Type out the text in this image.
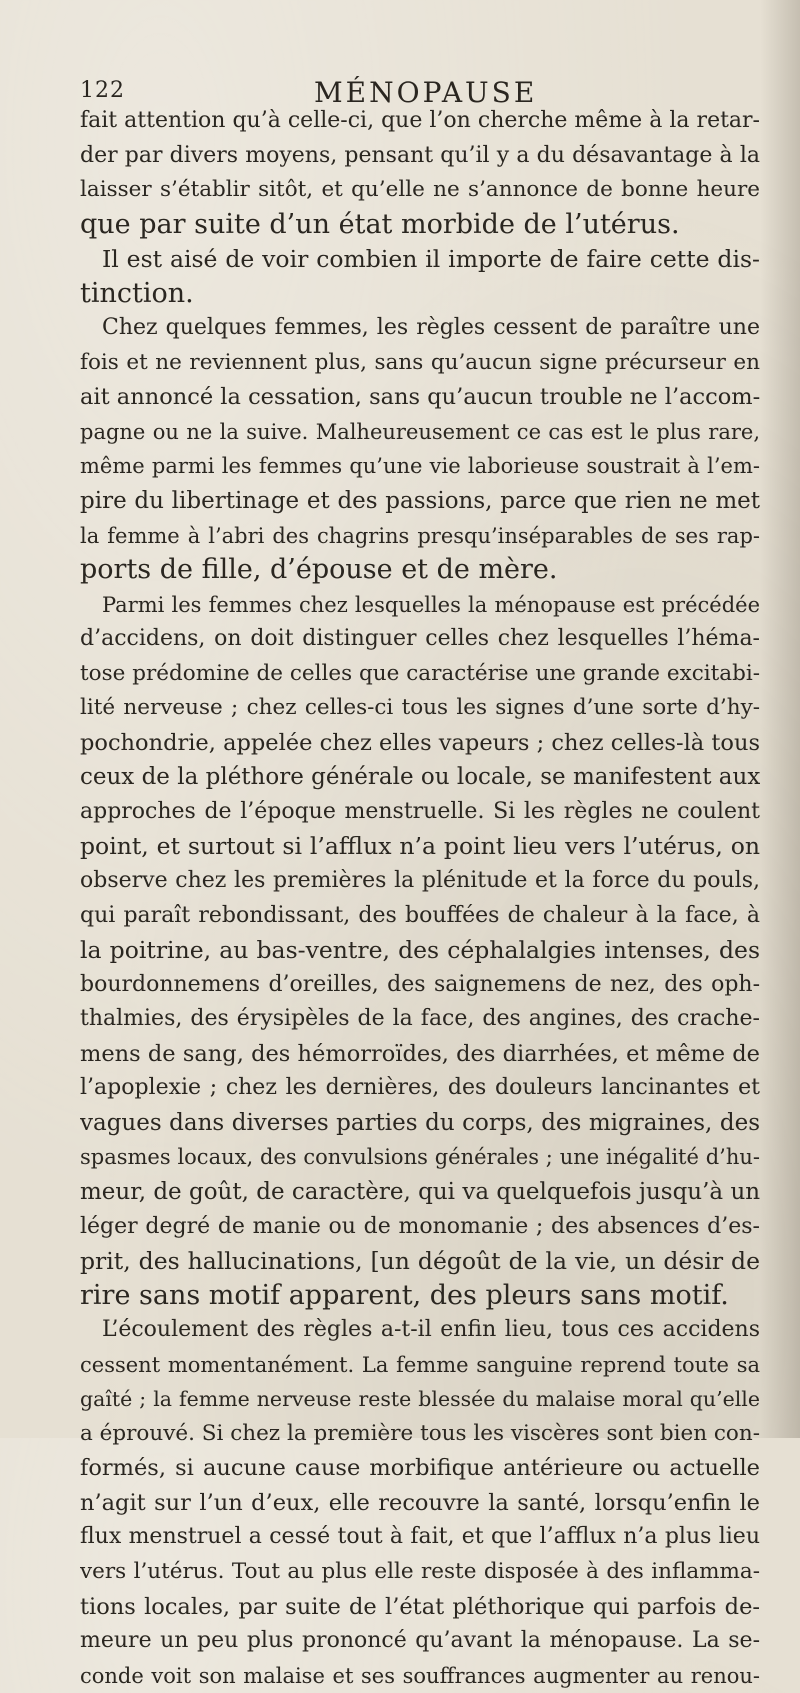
122	MÉNOPAUSE
fait attention qu’à celle-ci, que l’on cherche même à la retar-
der par divers moyens, pensant qu’il y a du désavantage à la
laisser s’établir sitôt, et qu’elle ne s’annonce de bonne heure
que par suite d’un état morbide de l’utérus.
Il est aisé de voir combien il importe de faire cette dis-
tinction.
Chez quelques femmes, les règles cessent de paraître une
fois et ne reviennent plus, sans qu’aucun signe précurseur en
ait annoncé la cessation, sans qu’aucun trouble ne l’accom-
pagne ou ne la suive. Malheureusement ce cas est le plus rare,
même parmi les femmes qu’une vie laborieuse soustrait à l’em-
pire du libertinage et des passions, parce que rien ne met
la femme à l’abri des chagrins presqu’inséparables de ses rap-
ports de fille, d’épouse et de mère.
Parmi les femmes chez lesquelles la ménopause est précédée
d’accidens, on doit distinguer celles chez lesquelles l’héma-
tose prédomine de celles que caractérise une grande excitabi-
lité nerveuse ; chez celles-ci tous les signes d’une sorte d’hy-
pochondrie, appelée chez elles vapeurs ; chez celles-là tous
ceux de la pléthore générale ou locale, se manifestent aux
approches de l’époque menstruelle. Si les règles ne coulent
point, et surtout si l’afflux n’a point lieu vers l’utérus, on
observe chez les premières la plénitude et la force du pouls,
qui paraît rebondissant, des bouffées de chaleur à la face, à
la poitrine, au bas-ventre, des céphalalgies intenses, des
bourdonnemens d’oreilles, des saignemens de nez, des oph-
thalmies, des érysipèles de la face, des angines, des crache-
mens de sang, des hémorroïdes, des diarrhées, et même de
l’apoplexie ; chez les dernières, des douleurs lancinantes et
vagues dans diverses parties du corps, des migraines, des
spasmes locaux, des convulsions générales ; une inégalité d’hu-
meur, de goût, de caractère, qui va quelquefois jusqu’à un
léger degré de manie ou de monomanie ; des absences d’es-
prit, des hallucinations, [un dégoût de la vie, un désir de
rire sans motif apparent, des pleurs sans motif.
L’écoulement des règles a-t-il enfin lieu, tous ces accidens
cessent momentanément. La femme sanguine reprend toute sa
gaîté ; la femme nerveuse reste blessée du malaise moral qu’elle
a éprouvé. Si chez la première tous les viscères sont bien con-
formés, si aucune cause morbifique antérieure ou actuelle
n’agit sur l’un d’eux, elle recouvre la santé, lorsqu’enfin le
flux menstruel a cessé tout à fait, et que l’afflux n’a plus lieu
vers l’utérus. Tout au plus elle reste disposée à des inflamma-
tions locales, par suite de l’état pléthorique qui parfois de-
meure un peu plus prononcé qu’avant la ménopause. La se-
conde voit son malaise et ses souffrances augmenter au renou-
